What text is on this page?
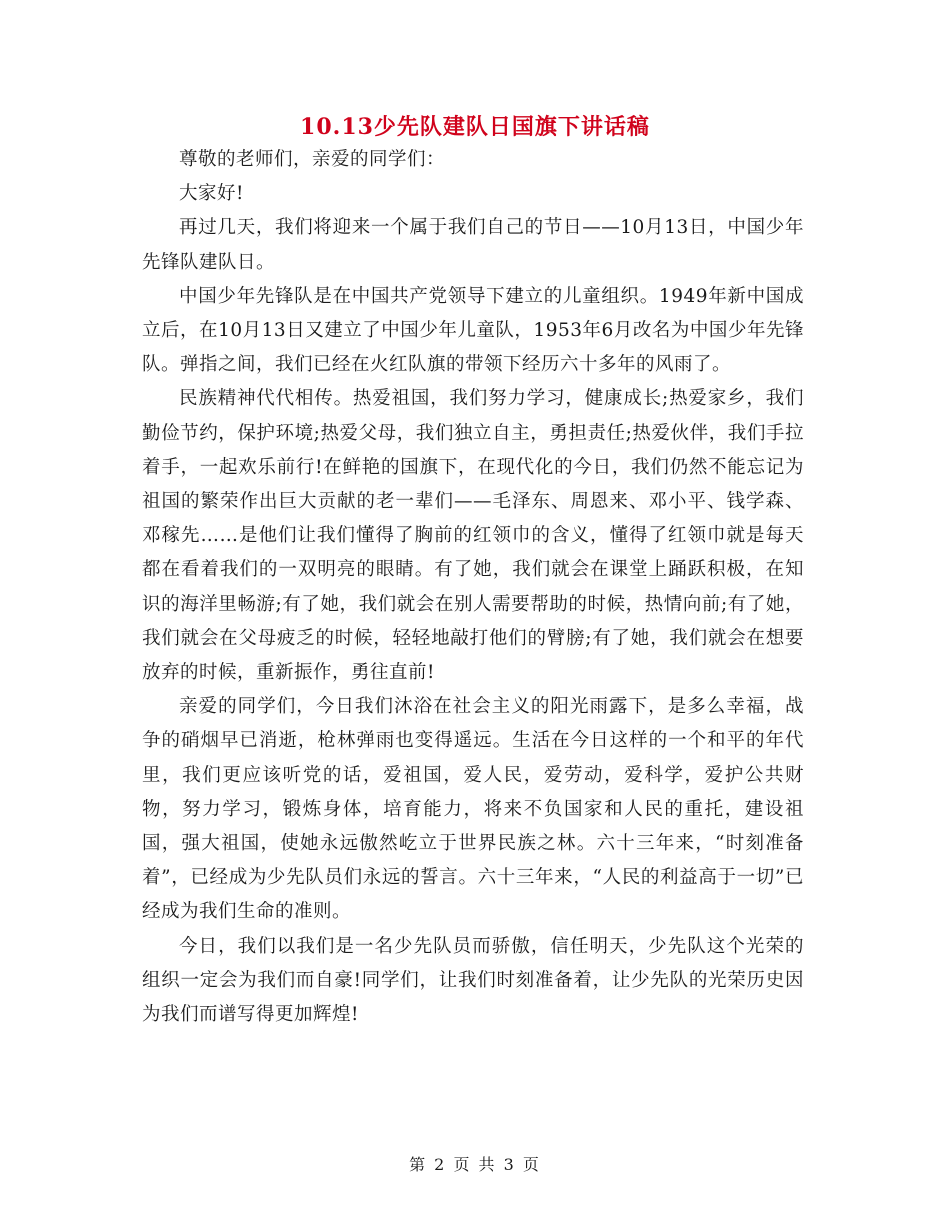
10.13少先队建队日国旗下讲话稿

尊敬的老师们，亲爱的同学们：

大家好!

再过几天，我们将迎来一个属于我们自己的节日——10月13日，中国少年先锋队建队日。

中国少年先锋队是在中国共产党领导下建立的儿童组织。1949年新中国成立后，在10月13日又建立了中国少年儿童队，1953年6月改名为中国少年先锋队。弹指之间，我们已经在火红队旗的带领下经历六十多年的风雨了。

民族精神代代相传。热爱祖国，我们努力学习，健康成长;热爱家乡，我们勤俭节约，保护环境;热爱父母，我们独立自主，勇担责任;热爱伙伴，我们手拉着手，一起欢乐前行!在鲜艳的国旗下，在现代化的今日，我们仍然不能忘记为祖国的繁荣作出巨大贡献的老一辈们——毛泽东、周恩来、邓小平、钱学森、邓稼先……是他们让我们懂得了胸前的红领巾的含义，懂得了红领巾就是每天都在看着我们的一双明亮的眼睛。有了她，我们就会在课堂上踊跃积极，在知识的海洋里畅游;有了她，我们就会在别人需要帮助的时候，热情向前;有了她，我们就会在父母疲乏的时候，轻轻地敲打他们的臂膀;有了她，我们就会在想要放弃的时候，重新振作，勇往直前!

亲爱的同学们，今日我们沐浴在社会主义的阳光雨露下，是多么幸福，战争的硝烟早已消逝，枪林弹雨也变得遥远。生活在今日这样的一个和平的年代里，我们更应该听党的话，爱祖国，爱人民，爱劳动，爱科学，爱护公共财物，努力学习，锻炼身体，培育能力，将来不负国家和人民的重托，建设祖国，强大祖国，使她永远傲然屹立于世界民族之林。六十三年来，“时刻准备着”，已经成为少先队员们永远的誓言。六十三年来，“人民的利益高于一切”已经成为我们生命的准则。

今日，我们以我们是一名少先队员而骄傲，信任明天，少先队这个光荣的组织一定会为我们而自豪!同学们，让我们时刻准备着，让少先队的光荣历史因为我们而谱写得更加辉煌!

第 2 页 共 3 页
